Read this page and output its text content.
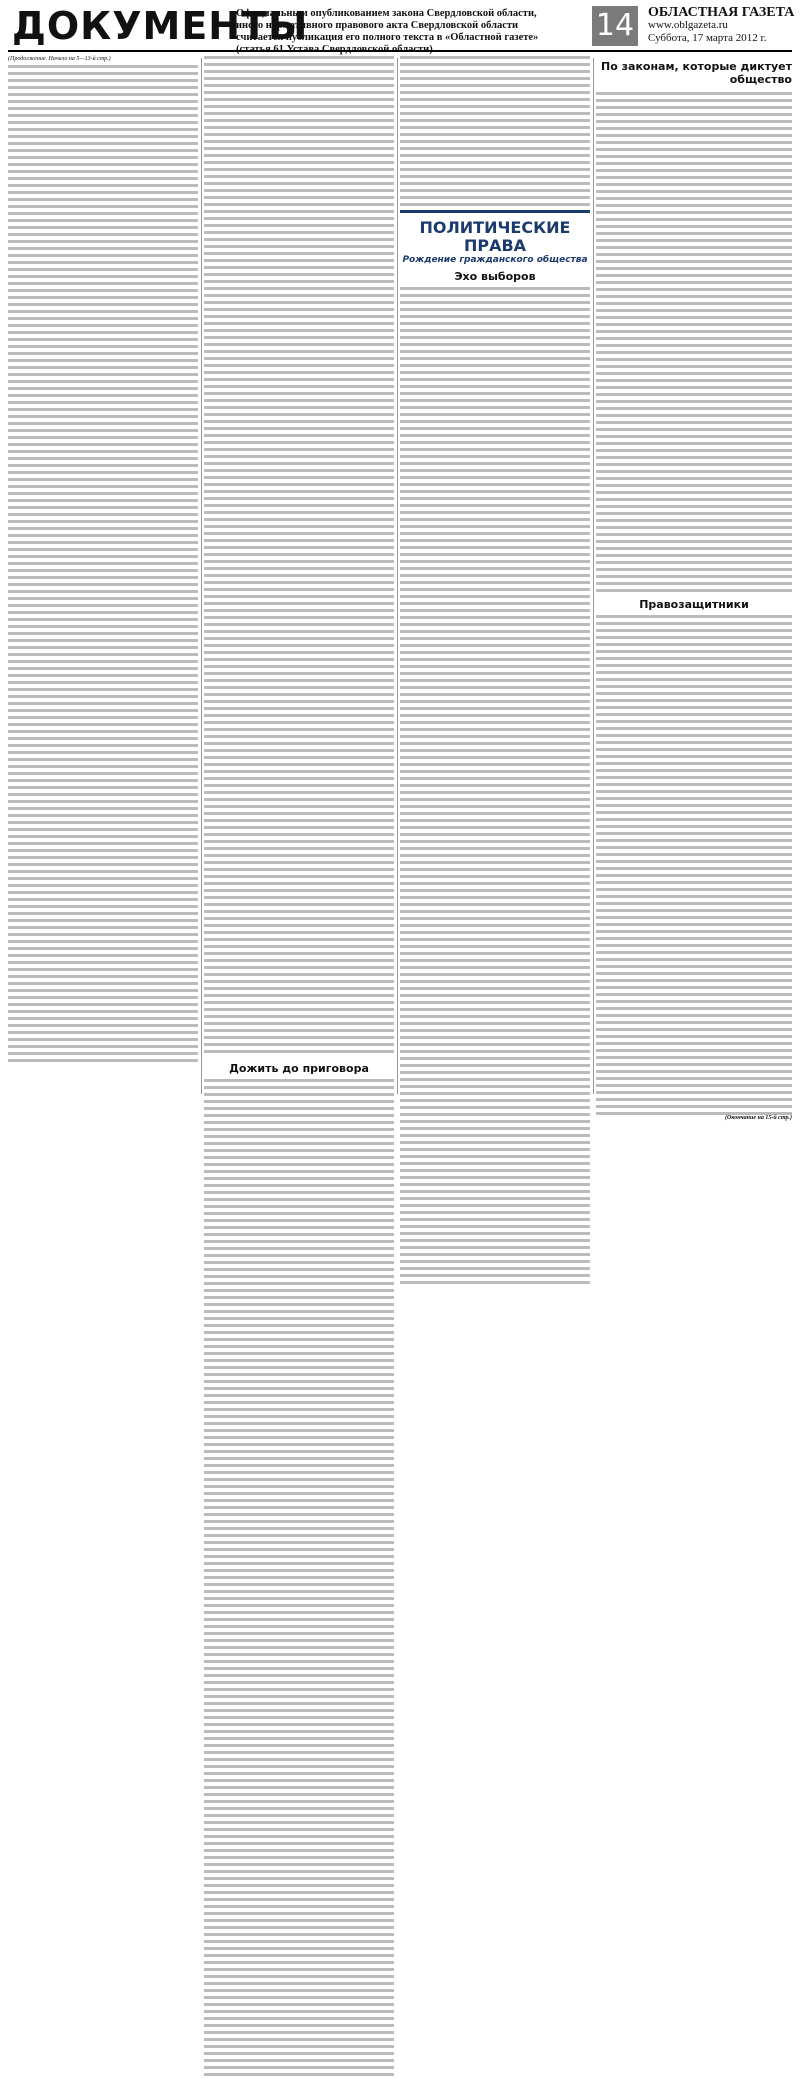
ДОКУМЕНТЫ
Официальным опубликованием закона Свердловской области, иного нормативного правового акта Свердловской области считается публикация его полного текста в «Областной газете»	14 ОБЛАСТНАЯ ГАЗЕТА
www.oblgazeta.ru
Суббота, 17 марта 2012 г.
(Продолжение. Начало на 5—13-й стр.)
Дожить до приговора
ПОЛИТИЧЕСКИЕ ПРАВА
Рождение гражданского общества
Эхо выборов
По законам, которые диктует общество
Правозащитники
(Окончание на 15-й стр.)
